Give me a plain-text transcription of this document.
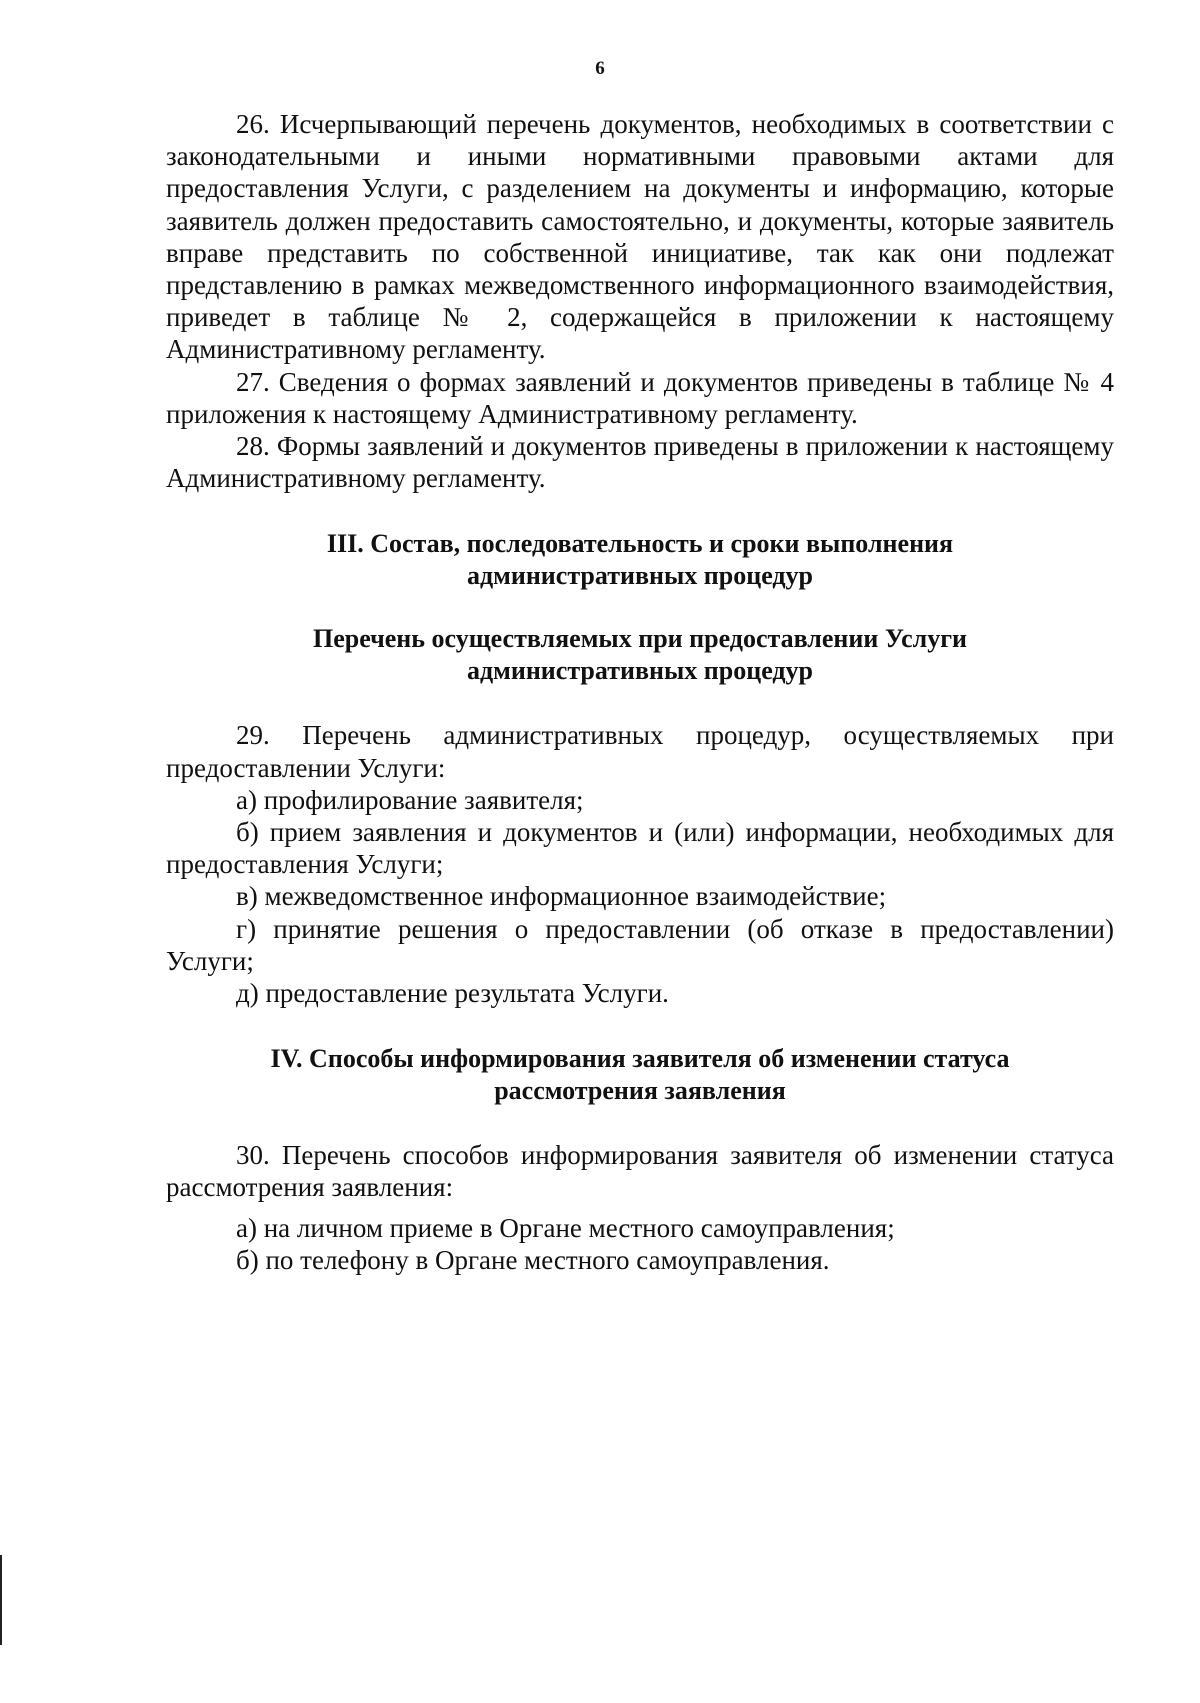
6

26. Исчерпывающий перечень документов, необходимых в соответствии с законодательными и иными нормативными правовыми актами для предоставления Услуги, с разделением на документы и информацию, которые заявитель должен предоставить самостоятельно, и документы, которые заявитель вправе представить по собственной инициативе, так как они подлежат представлению в рамках межведомственного информационного взаимодействия, приведет в таблице № 2, содержащейся в приложении к настоящему Административному регламенту.

27. Сведения о формах заявлений и документов приведены в таблице № 4 приложения к настоящему Административному регламенту.

28. Формы заявлений и документов приведены в приложении к настоящему Административному регламенту.

III. Состав, последовательность и сроки выполнения

административных процедур

Перечень осуществляемых при предоставлении Услуги

административных процедур

29. Перечень административных процедур, осуществляемых при предоставлении Услуги:

а) профилирование заявителя;

б) прием заявления и документов и (или) информации, необходимых для предоставления Услуги;

в) межведомственное информационное взаимодействие;

г) принятие решения о предоставлении (об отказе в предоставлении) Услуги;

д) предоставление результата Услуги.

IV. Способы информирования заявителя об изменении статуса

рассмотрения заявления

30. Перечень способов информирования заявителя об изменении статуса рассмотрения заявления:

а) на личном приеме в Органе местного самоуправления;

б) по телефону в Органе местного самоуправления.
